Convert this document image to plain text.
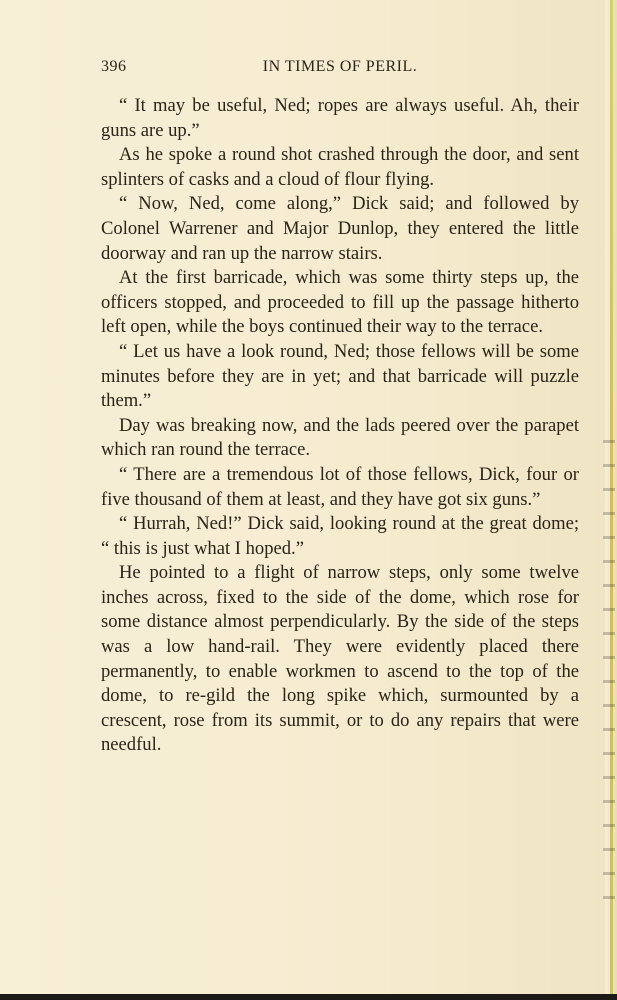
396	IN TIMES OF PERIL.

“ It may be useful, Ned; ropes are always useful. Ah, their guns are up.”

As he spoke a round shot crashed through the door, and sent splinters of casks and a cloud of flour flying.

“ Now, Ned, come along,” Dick said; and followed by Colonel Warrener and Major Dunlop, they entered the little doorway and ran up the narrow stairs.

At the first barricade, which was some thirty steps up, the officers stopped, and proceeded to fill up the passage hitherto left open, while the boys continued their way to the terrace.

“ Let us have a look round, Ned; those fellows will be some minutes before they are in yet; and that barricade will puzzle them.”

Day was breaking now, and the lads peered over the parapet which ran round the terrace.

“ There are a tremendous lot of those fellows, Dick, four or five thousand of them at least, and they have got six guns.”

“ Hurrah, Ned!” Dick said, looking round at the great dome; “ this is just what I hoped.”

He pointed to a flight of narrow steps, only some twelve inches across, fixed to the side of the dome, which rose for some distance almost perpendicularly. By the side of the steps was a low hand-rail. They were evidently placed there permanently, to enable workmen to ascend to the top of the dome, to re-gild the long spike which, surmounted by a crescent, rose from its summit, or to do any repairs that were needful.
